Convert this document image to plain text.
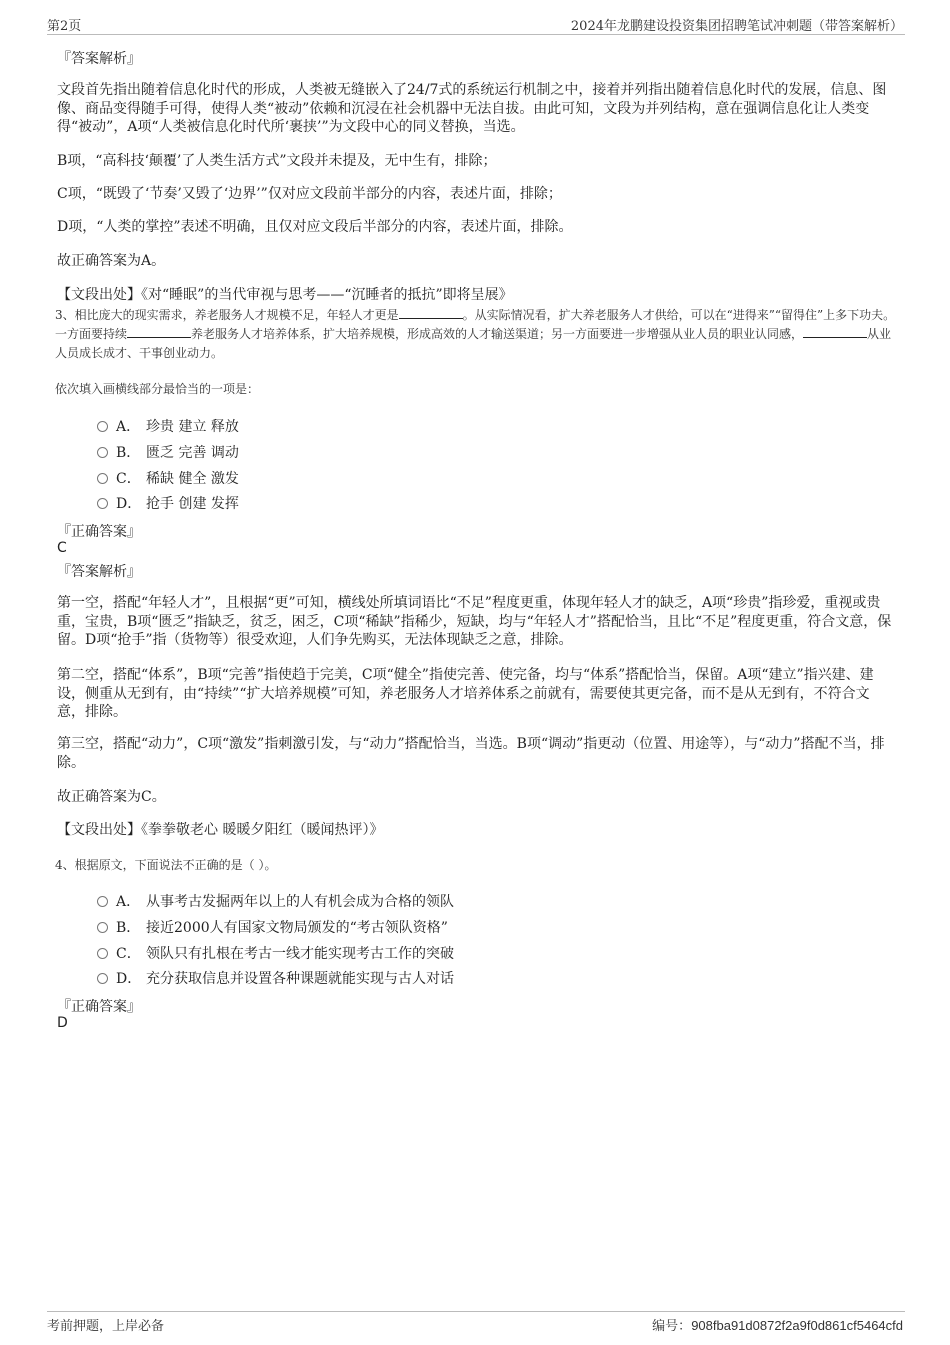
第2页	2024年龙鹏建设投资集团招聘笔试冲刺题（带答案解析）
『答案解析』
文段首先指出随着信息化时代的形成，人类被无缝嵌入了24/7式的系统运行机制之中，接着并列指出随着信息化时代的发展，信息、图像、商品变得随手可得，使得人类“被动”依赖和沉浸在社会机器中无法自拔。由此可知，文段为并列结构，意在强调信息化让人类变得“被动”，A项“人类被信息化时代所‘裹挟’”为文段中心的同义替换，当选。
B项，“高科技‘颠覆’了人类生活方式”文段并未提及，无中生有，排除；
C项，“既毁了‘节奏’又毁了‘边界’”仅对应文段前半部分的内容，表述片面，排除；
D项，“人类的掌控”表述不明确，且仅对应文段后半部分的内容，表述片面，排除。
故正确答案为A。
【文段出处】《对“睡眠”的当代审视与思考——“沉睡者的抵抗”即将呈展》
3、相比庞大的现实需求，养老服务人才规模不足，年轻人才更是	。从实际情况看，扩大养老服务人才供给，可以在“进得来”“留得住”上多下功夫。一方面要持续	养老服务人才培养体系，扩大培养规模，形成高效的人才输送渠道；另一方面要进一步增强从业人员的职业认同感，	从业人员成长成才、干事创业动力。
依次填入画横线部分最恰当的一项是：
A． 珍贵 建立 释放
B． 匮乏 完善 调动
C． 稀缺 健全 激发
D． 抢手 创建 发挥
『正确答案』
C
『答案解析』
第一空，搭配“年轻人才”，且根据“更”可知，横线处所填词语比“不足”程度更重，体现年轻人才的缺乏，A项“珍贵”指珍爱，重视或贵重，宝贵，B项“匮乏”指缺乏，贫乏，困乏，C项“稀缺”指稀少，短缺，均与“年轻人才”搭配恰当，且比“不足”程度更重，符合文意，保留。D项“抢手”指（货物等）很受欢迎，人们争先购买，无法体现缺乏之意，排除。
第二空，搭配“体系”，B项“完善”指使趋于完美，C项“健全”指使完善、使完备，均与“体系”搭配恰当，保留。A项“建立”指兴建、建设，侧重从无到有，由“持续”“扩大培养规模”可知，养老服务人才培养体系之前就有，需要使其更完备，而不是从无到有，不符合文意，排除。
第三空，搭配“动力”，C项“激发”指刺激引发，与“动力”搭配恰当，当选。B项“调动”指更动（位置、用途等），与“动力”搭配不当，排除。
故正确答案为C。
【文段出处】《拳拳敬老心 暖暖夕阳红（暖闻热评）》
4、根据原文，下面说法不正确的是（ ）。
A． 从事考古发掘两年以上的人有机会成为合格的领队
B． 接近2000人有国家文物局颁发的“考古领队资格”
C． 领队只有扎根在考古一线才能实现考古工作的突破
D． 充分获取信息并设置各种课题就能实现与古人对话
『正确答案』
D
考前押题，上岸必备	编号：908fba91d0872f2a9f0d861cf5464cfd
